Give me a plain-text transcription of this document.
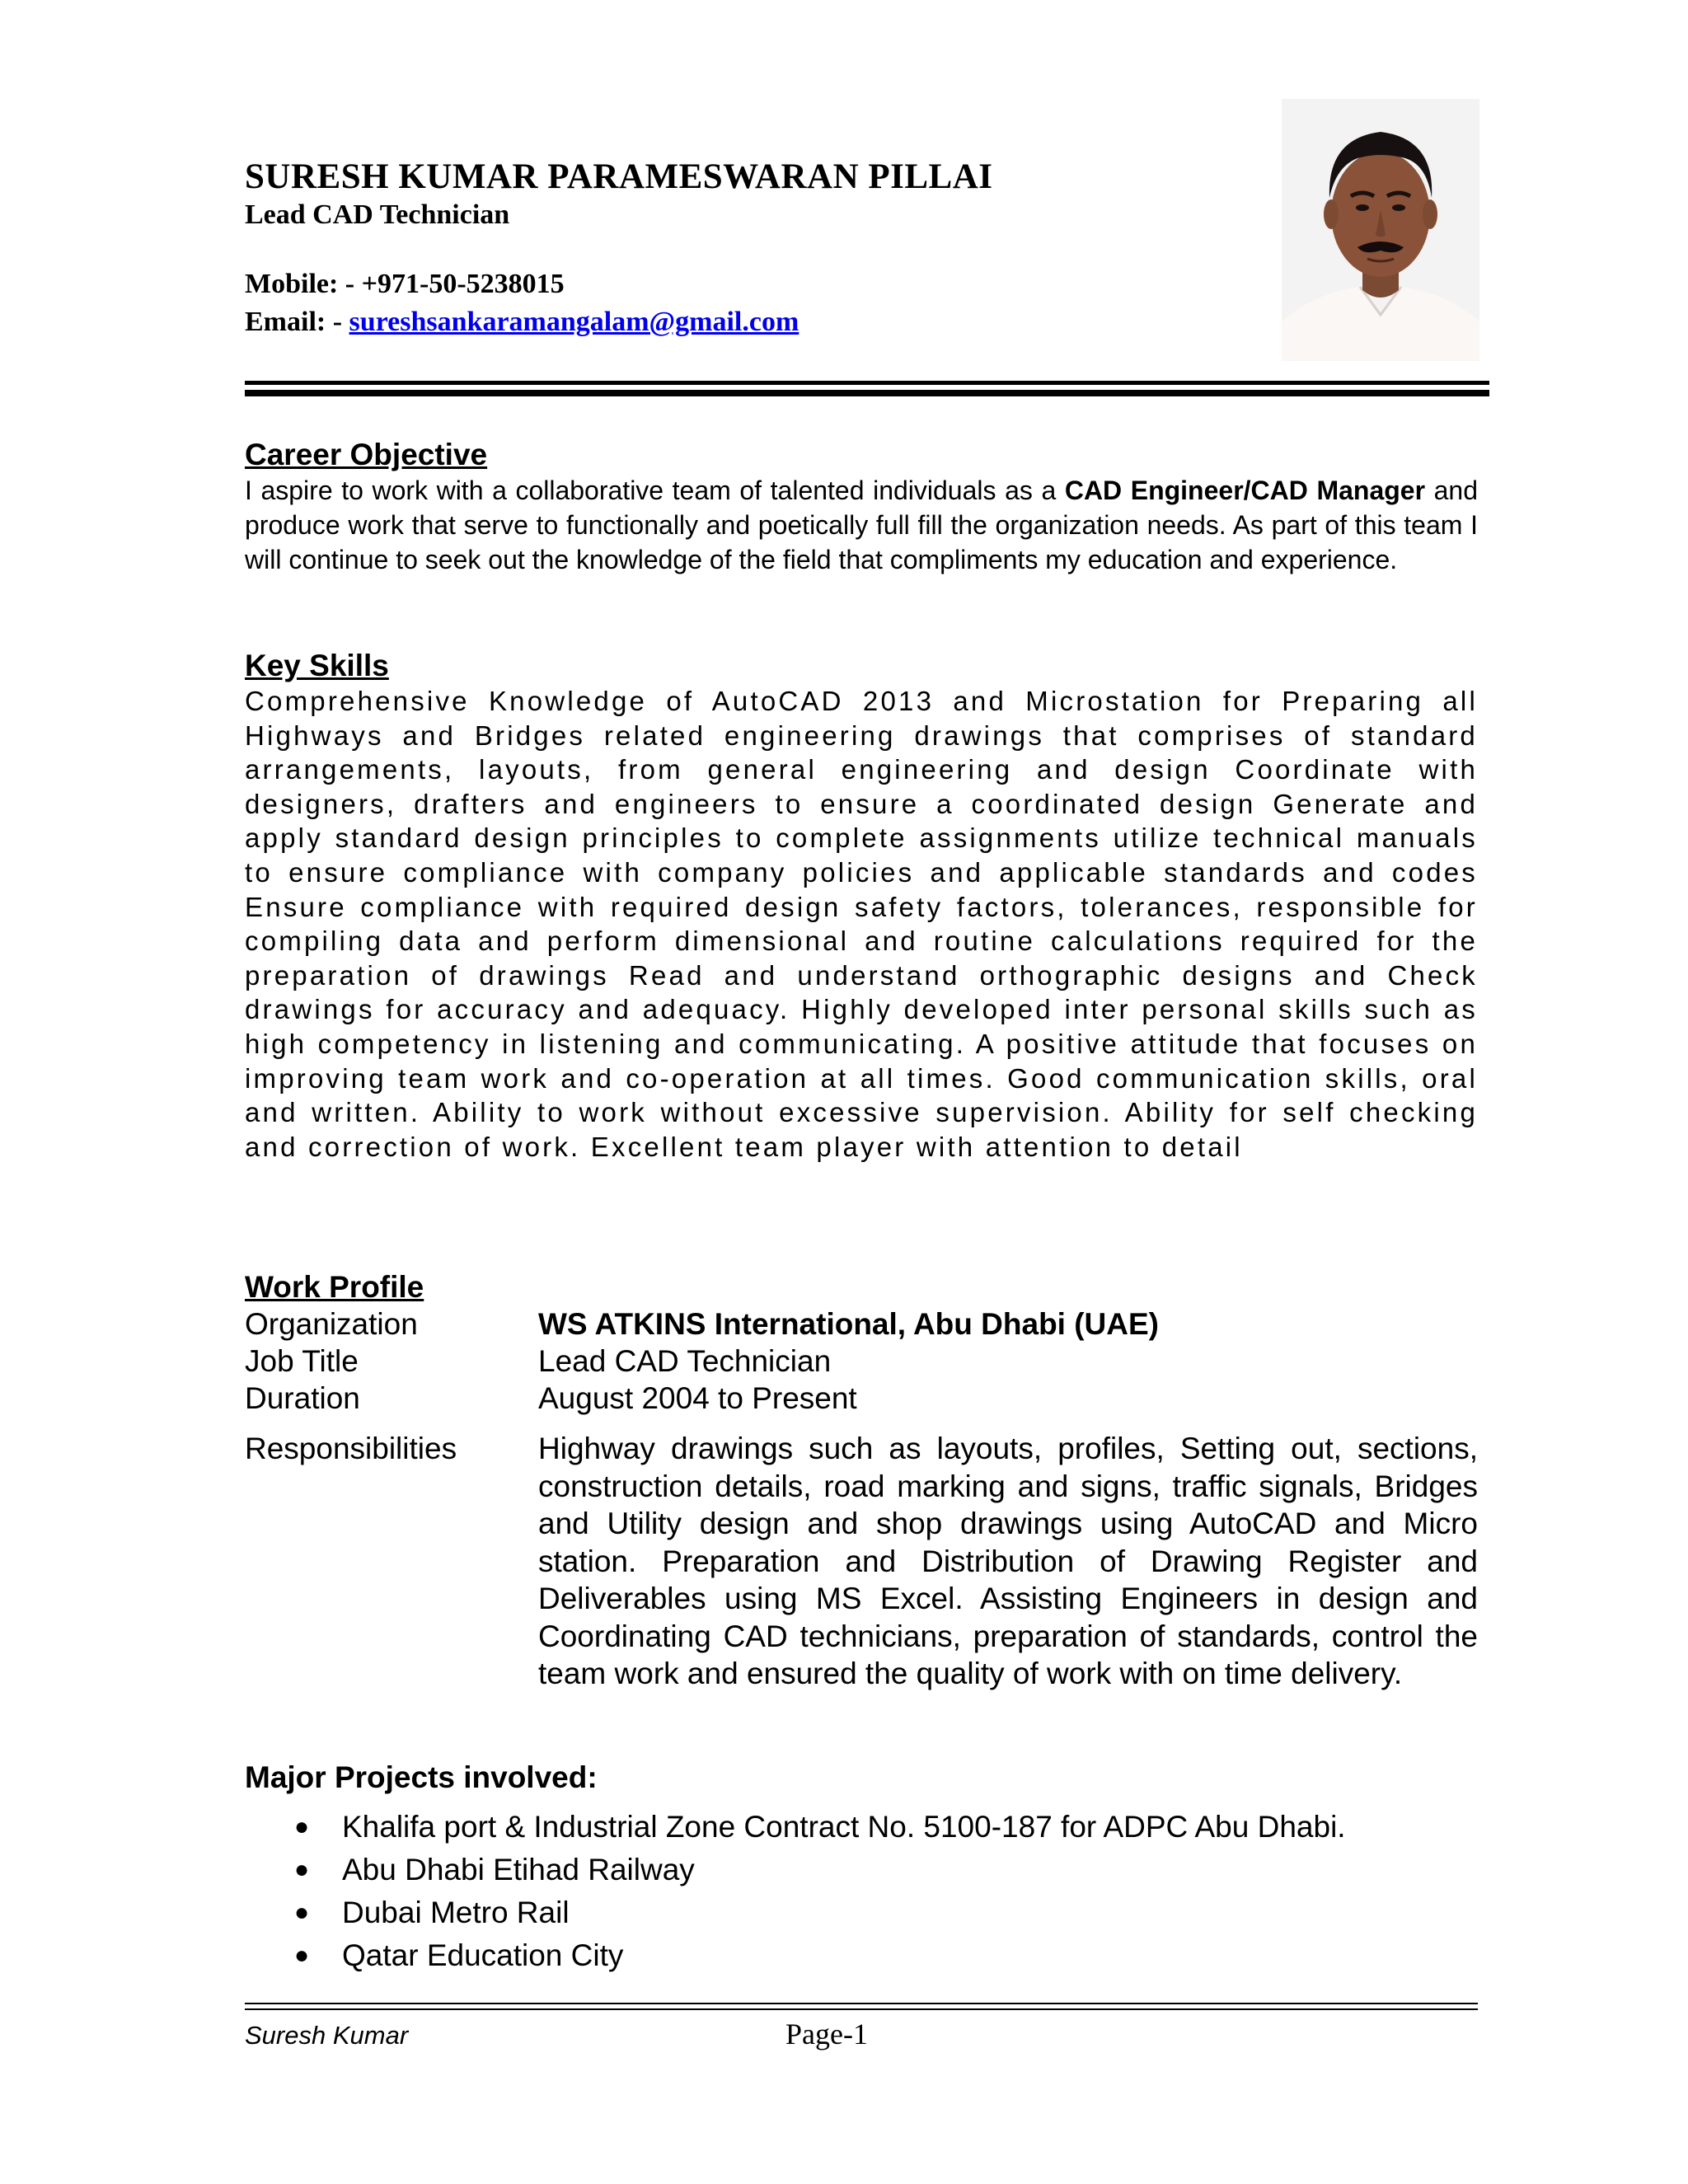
SURESH KUMAR PARAMESWARAN PILLAI
Lead CAD Technician
Mobile: - +971-50-5238015
Email: - sureshsankaramangalam@gmail.com
Career Objective
I aspire to work with a collaborative team of talented individuals as a CAD Engineer/CAD Manager and produce work that serve to functionally and poetically full fill the organization needs. As part of this team I will continue to seek out the knowledge of the field that compliments my education and experience.
Key Skills
Comprehensive Knowledge of AutoCAD 2013 and Microstation for Preparing all Highways and Bridges related engineering drawings that comprises of standard arrangements, layouts, from general engineering and design Coordinate with designers, drafters and engineers to ensure a coordinated design Generate and apply standard design principles to complete assignments utilize technical manuals to ensure compliance with company policies and applicable standards and codes Ensure compliance with required design safety factors, tolerances, responsible for compiling data and perform dimensional and routine calculations required for the preparation of drawings Read and understand orthographic designs and Check drawings for accuracy and adequacy. Highly developed inter personal skills such as high competency in listening and communicating. A positive attitude that focuses on improving team work and co-operation at all times. Good communication skills, oral and written. Ability to work without excessive supervision. Ability for self checking and correction of work. Excellent team player with attention to detail
Work Profile
Organization	WS ATKINS International, Abu Dhabi (UAE)
Job Title	Lead CAD Technician
Duration	August 2004 to Present
Responsibilities	Highway drawings such as layouts, profiles, Setting out, sections, construction details, road marking and signs, traffic signals, Bridges and Utility design and shop drawings using AutoCAD and Micro station. Preparation and Distribution of Drawing Register and Deliverables using MS Excel. Assisting Engineers in design and Coordinating CAD technicians, preparation of standards, control the team work and ensured the quality of work with on time delivery.
Major Projects involved:
● Khalifa port & Industrial Zone Contract No. 5100-187 for ADPC Abu Dhabi.
● Abu Dhabi Etihad Railway
● Dubai Metro Rail
● Qatar Education City
Suresh Kumar	Page-1
